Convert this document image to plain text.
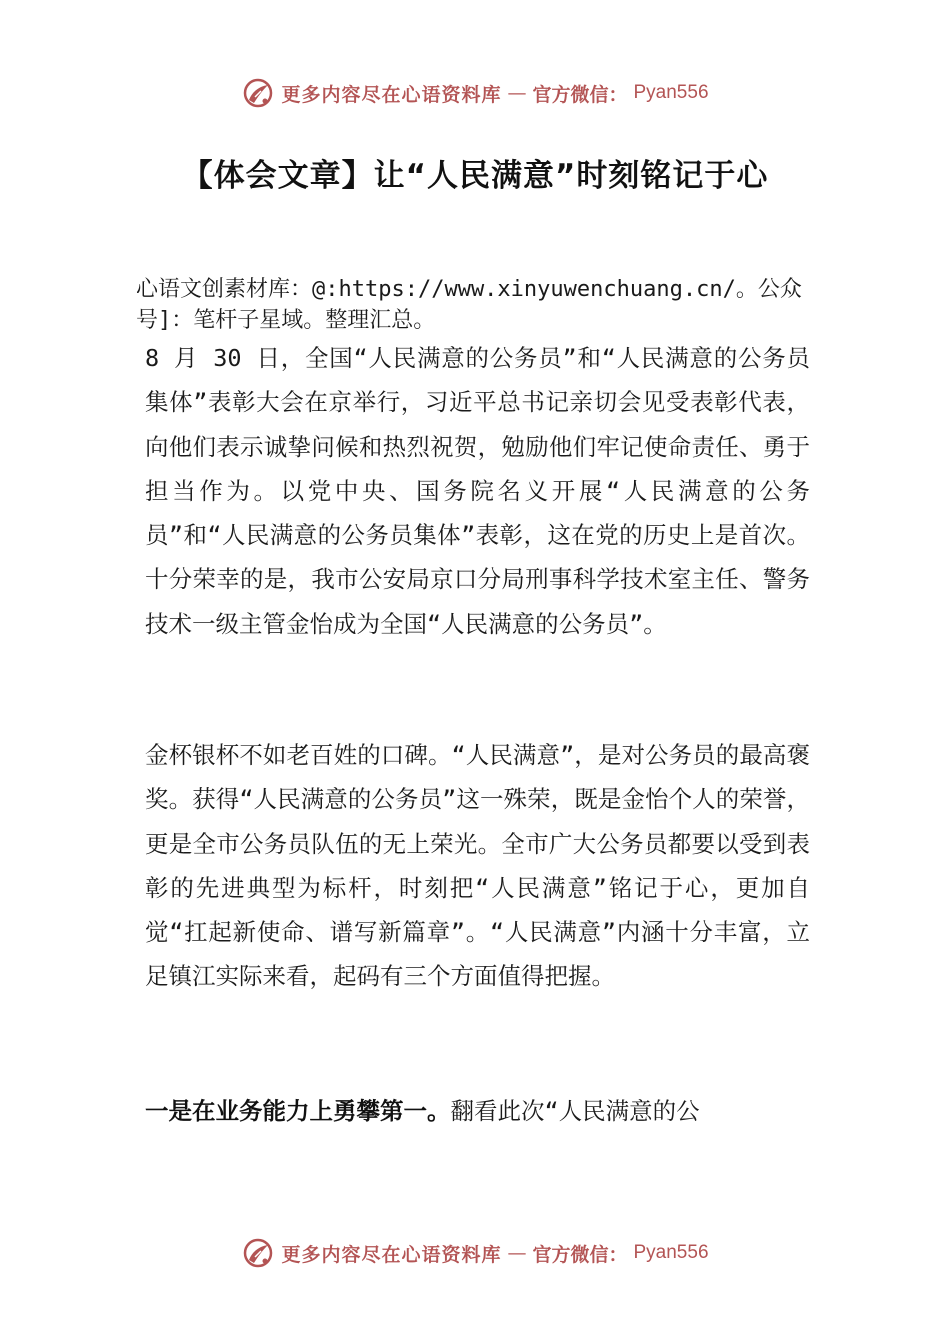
更多内容尽在心语资料库 — 官方微信： Pyan556
【体会文章】让“人民满意”时刻铭记于心
心语文创素材库：@:https://www.xinyuwenchuang.cn/。公众号]：笔杆子星域。整理汇总。
8 月 30 日，全国“人民满意的公务员”和“人民满意的公务员集体”表彰大会在京举行，习近平总书记亲切会见受表彰代表，向他们表示诚挚问候和热烈祝贺，勉励他们牢记使命责任、勇于担当作为。以党中央、国务院名义开展“人民满意的公务员”和“人民满意的公务员集体”表彰，这在党的历史上是首次。十分荣幸的是，我市公安局京口分局刑事科学技术室主任、警务技术一级主管金怡成为全国“人民满意的公务员”。
金杯银杯不如老百姓的口碑。“人民满意”，是对公务员的最高褒奖。获得“人民满意的公务员”这一殊荣，既是金怡个人的荣誉，更是全市公务员队伍的无上荣光。全市广大公务员都要以受到表彰的先进典型为标杆，时刻把“人民满意”铭记于心，更加自觉“扛起新使命、谱写新篇章”。“人民满意”内涵十分丰富，立足镇江实际来看，起码有三个方面值得把握。
一是在业务能力上勇攀第一。翻看此次“人民满意的公
更多内容尽在心语资料库 — 官方微信： Pyan556
